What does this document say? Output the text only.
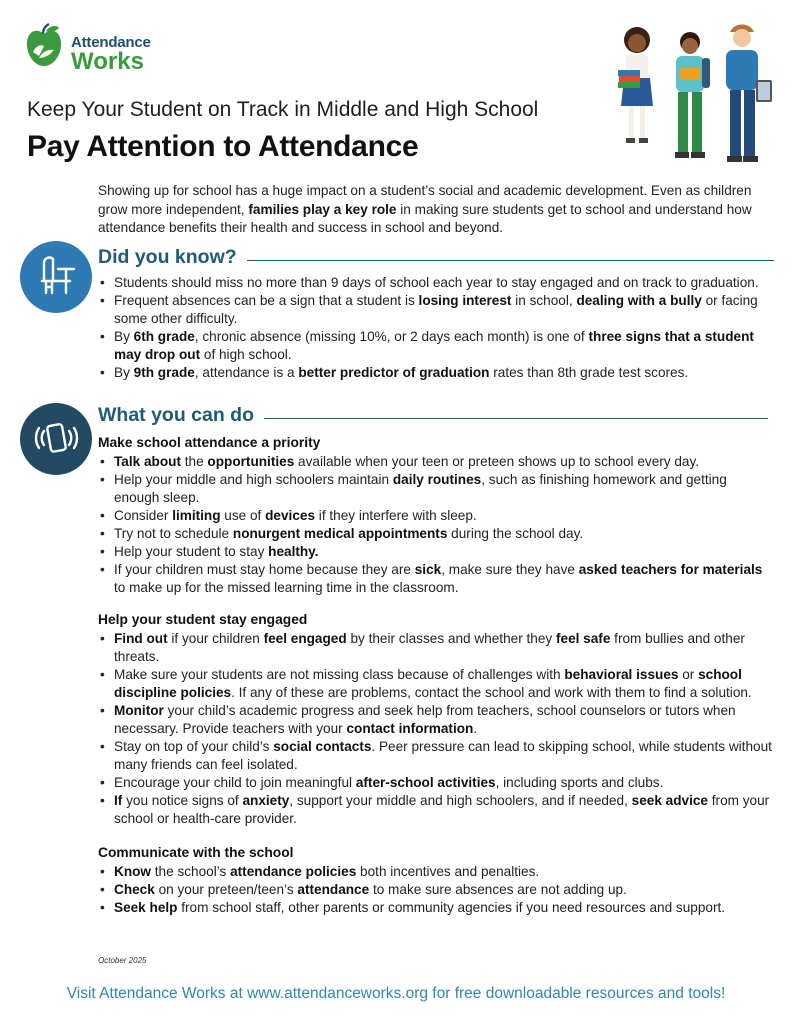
Attendance
Works
Keep Your Student on Track in Middle and High School
Pay Attention to Attendance
Showing up for school has a huge impact on a student’s social and academic development. Even as children grow more independent, families play a key role in making sure students get to school and understand how attendance benefits their health and success in school and beyond.
Did you know?
• Students should miss no more than 9 days of school each year to stay engaged and on track to graduation.
• Frequent absences can be a sign that a student is losing interest in school, dealing with a bully or facing some other difficulty.
• By 6th grade, chronic absence (missing 10%, or 2 days each month) is one of three signs that a student may drop out of high school.
• By 9th grade, attendance is a better predictor of graduation rates than 8th grade test scores.
What you can do
Make school attendance a priority
• Talk about the opportunities available when your teen or preteen shows up to school every day.
• Help your middle and high schoolers maintain daily routines, such as finishing homework and getting enough sleep.
• Consider limiting use of devices if they interfere with sleep.
• Try not to schedule nonurgent medical appointments during the school day.
• Help your student to stay healthy.
• If your children must stay home because they are sick, make sure they have asked teachers for materials to make up for the missed learning time in the classroom.
Help your student stay engaged
• Find out if your children feel engaged by their classes and whether they feel safe from bullies and other threats.
• Make sure your students are not missing class because of challenges with behavioral issues or school discipline policies. If any of these are problems, contact the school and work with them to find a solution.
• Monitor your child’s academic progress and seek help from teachers, school counselors or tutors when necessary. Provide teachers with your contact information.
• Stay on top of your child’s social contacts. Peer pressure can lead to skipping school, while students without many friends can feel isolated.
• Encourage your child to join meaningful after-school activities, including sports and clubs.
• If you notice signs of anxiety, support your middle and high schoolers, and if needed, seek advice from your school or health-care provider.
Communicate with the school
• Know the school’s attendance policies both incentives and penalties.
• Check on your preteen/teen’s attendance to make sure absences are not adding up.
• Seek help from school staff, other parents or community agencies if you need resources and support.
October 2025
Visit Attendance Works at www.attendanceworks.org for free downloadable resources and tools!
